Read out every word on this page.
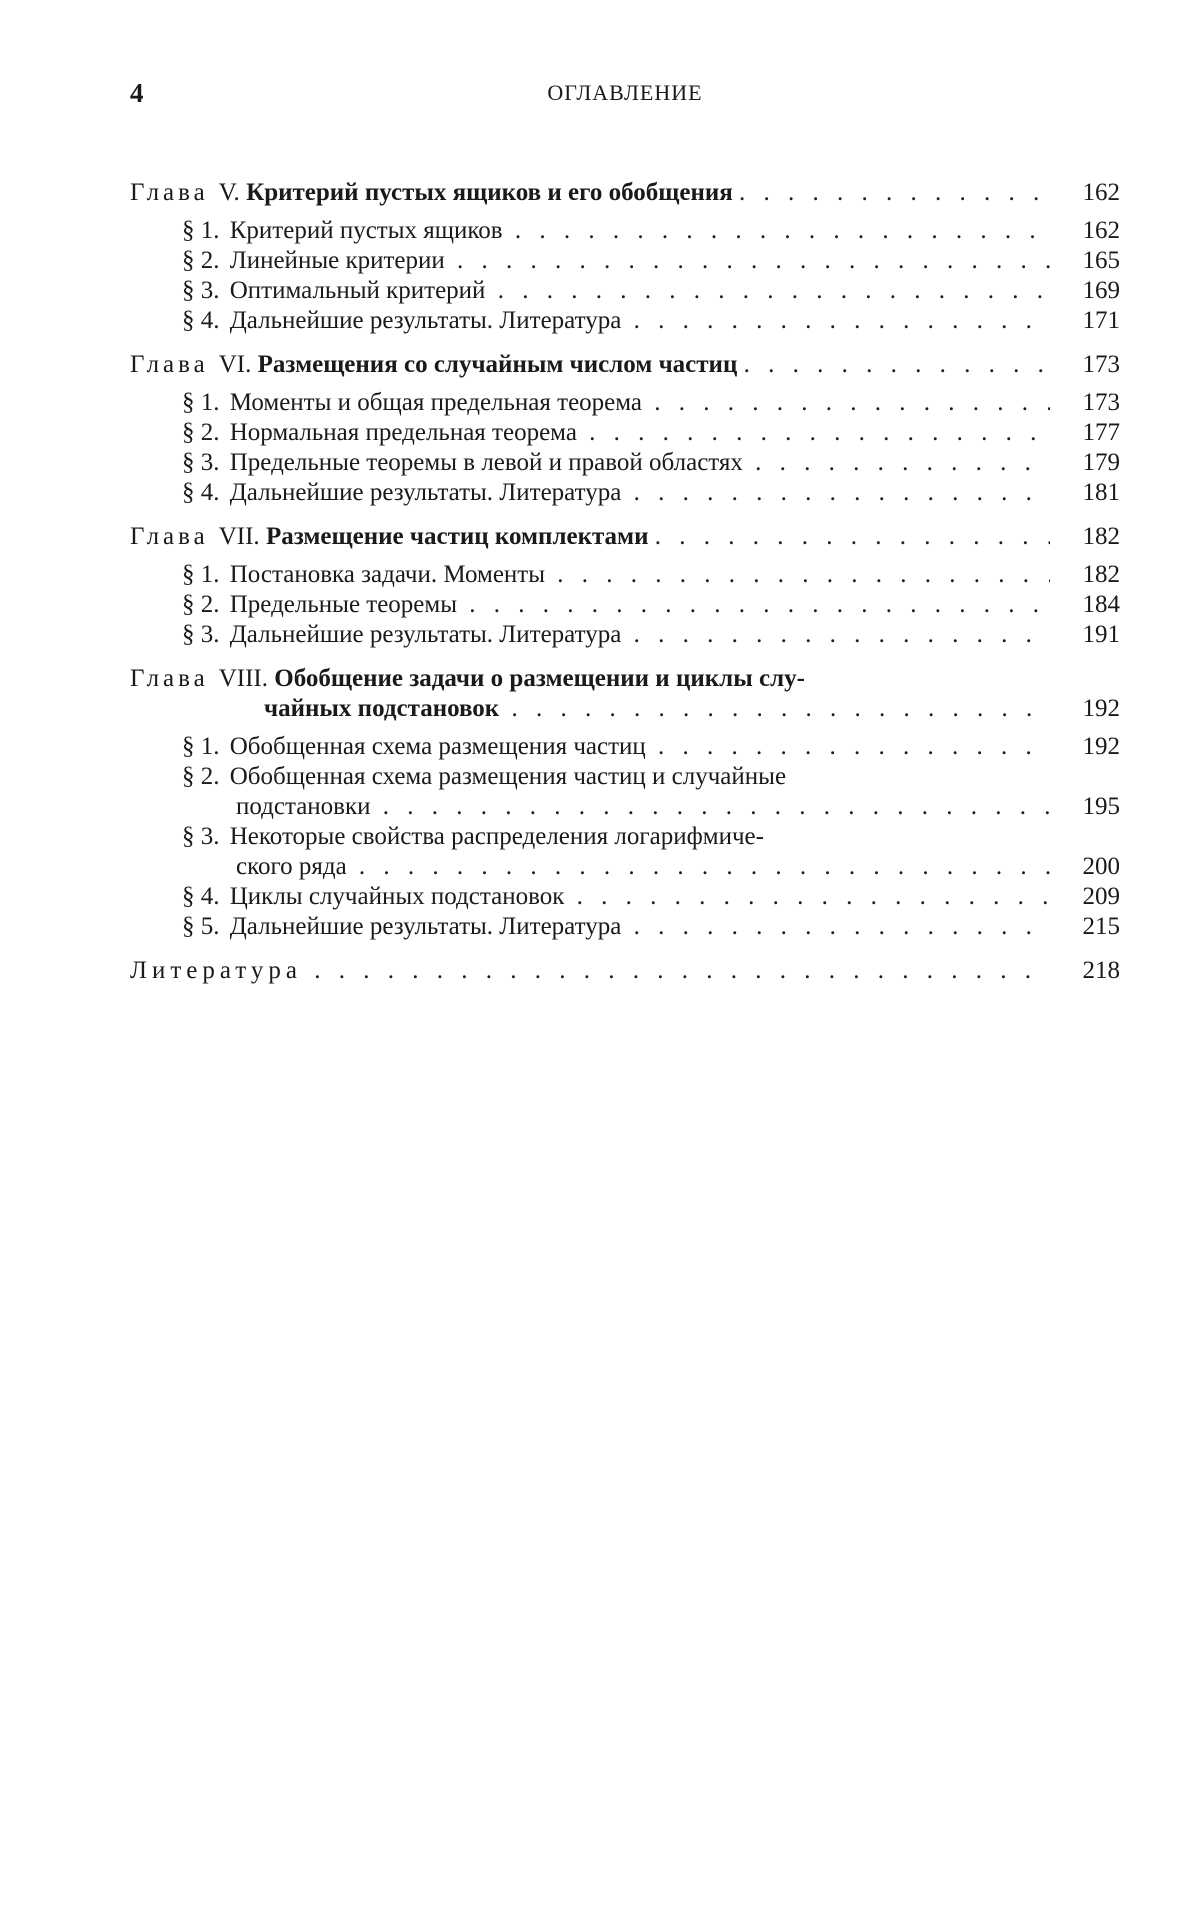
4	ОГЛАВЛЕНИЕ
Глава V. Критерий пустых ящиков и его обобщения . . .	162
§ 1. Критерий пустых ящиков . . .	162
§ 2. Линейные критерии . . .	165
§ 3. Оптимальный критерий . . .	169
§ 4. Дальнейшие результаты. Литература . . .	171
Глава VI. Размещения со случайным числом частиц . . .	173
§ 1. Моменты и общая предельная теорема . . .	173
§ 2. Нормальная предельная теорема . . .	177
§ 3. Предельные теоремы в левой и правой областях . . .	179
§ 4. Дальнейшие результаты. Литература . . .	181
Глава VII. Размещение частиц комплектами . . .	182
§ 1. Постановка задачи. Моменты . . .	182
§ 2. Предельные теоремы . . .	184
§ 3. Дальнейшие результаты. Литература . . .	191
Глава VIII. Обобщение задачи о размещении и циклы слу-
чайных подстановок . . .	192
§ 1. Обобщенная схема размещения частиц . . .	192
§ 2. Обобщенная схема размещения частиц и случайные
подстановки . . .	195
§ 3. Некоторые свойства распределения логарифмиче-
ского ряда . . .	200
§ 4. Циклы случайных подстановок . . .	209
§ 5. Дальнейшие результаты. Литература . . .	215
Литература . . .	218
